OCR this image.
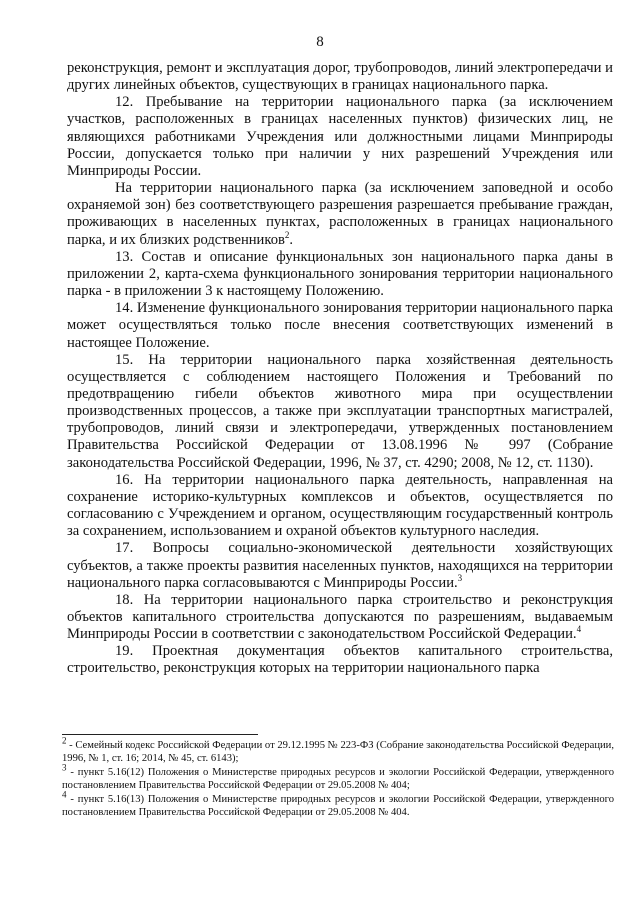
8

реконструкция, ремонт и эксплуатация дорог, трубопроводов, линий электропередачи и других линейных объектов, существующих в границах национального парка.

12. Пребывание на территории национального парка (за исключением участков, расположенных в границах населенных пунктов) физических лиц, не являющихся работниками Учреждения или должностными лицами Минприроды России, допускается только при наличии у них разрешений Учреждения или Минприроды России.

На территории национального парка (за исключением заповедной и особо охраняемой зон) без соответствующего разрешения разрешается пребывание граждан, проживающих в населенных пунктах, расположенных в границах национального парка, и их близких родственников$^2$.

13. Состав и описание функциональных зон национального парка даны в приложении 2, карта-схема функционального зонирования территории национального парка - в приложении 3 к настоящему Положению.

14. Изменение функционального зонирования территории национального парка может осуществляться только после внесения соответствующих изменений в настоящее Положение.

15. На территории национального парка хозяйственная деятельность осуществляется с соблюдением настоящего Положения и Требований по предотвращению гибели объектов животного мира при осуществлении производственных процессов, а также при эксплуатации транспортных магистралей, трубопроводов, линий связи и электропередачи, утвержденных постановлением Правительства Российской Федерации от 13.08.1996 № 997 (Собрание законодательства Российской Федерации, 1996, № 37, ст. 4290; 2008, № 12, ст. 1130).

16. На территории национального парка деятельность, направленная на сохранение историко-культурных комплексов и объектов, осуществляется по согласованию с Учреждением и органом, осуществляющим государственный контроль за сохранением, использованием и охраной объектов культурного наследия.

17. Вопросы социально-экономической деятельности хозяйствующих субъектов, а также проекты развития населенных пунктов, находящихся на территории национального парка согласовываются с Минприроды России.$^3$

18. На территории национального парка строительство и реконструкция объектов капитального строительства допускаются по разрешениям, выдаваемым Минприроды России в соответствии с законодательством Российской Федерации.$^4$

19. Проектная документация объектов капитального строительства, строительство, реконструкция которых на территории национального парка

$^2$ - Семейный кодекс Российской Федерации от 29.12.1995 № 223-ФЗ (Собрание законодательства Российской Федерации, 1996, № 1, ст. 16; 2014, № 45, ст. 6143);

$^3$ - пункт 5.16(12) Положения о Министерстве природных ресурсов и экологии Российской Федерации, утвержденного постановлением Правительства Российской Федерации от 29.05.2008 № 404;

$^4$ - пункт 5.16(13) Положения о Министерстве природных ресурсов и экологии Российской Федерации, утвержденного постановлением Правительства Российской Федерации от 29.05.2008 № 404.
